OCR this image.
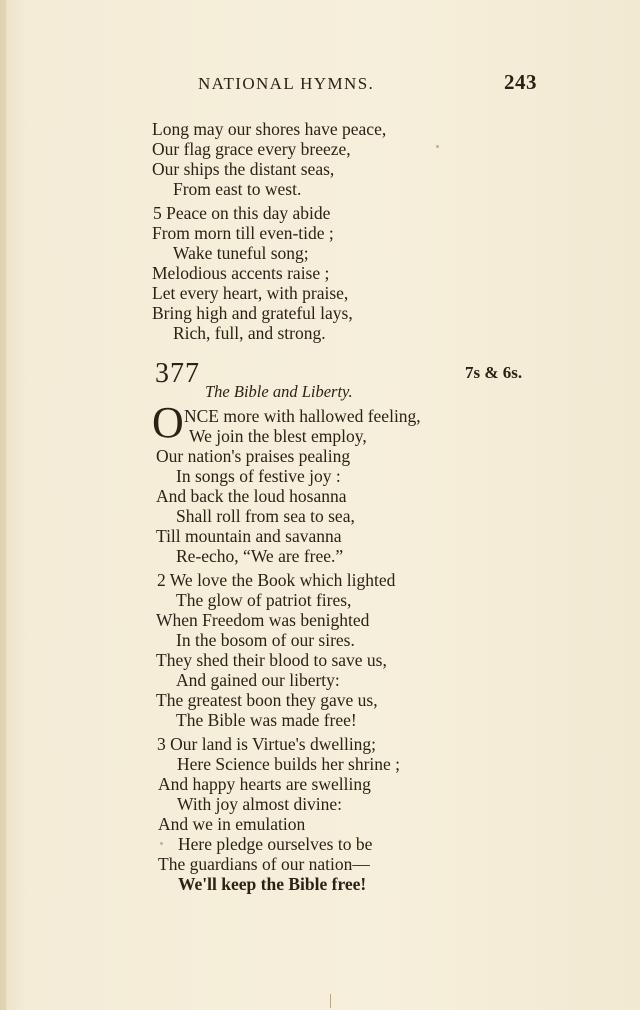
NATIONAL HYMNS.	243
Long may our shores have peace,
Our flag grace every breeze,
Our ships the distant seas,
From east to west.
5 Peace on this day abide
From morn till even-tide ;
Wake tuneful song;
Melodious accents raise ;
Let every heart, with praise,
Bring high and grateful lays,
Rich, full, and strong.
377	7s & 6s.
The Bible and Liberty.
O NCE more with hallowed feeling,
We join the blest employ,
Our nation's praises pealing
In songs of festive joy :
And back the loud hosanna
Shall roll from sea to sea,
Till mountain and savanna
Re-echo, “We are free.”
2 We love the Book which lighted
The glow of patriot fires,
When Freedom was benighted
In the bosom of our sires.
They shed their blood to save us,
And gained our liberty:
The greatest boon they gave us,
The Bible was made free!
3 Our land is Virtue's dwelling;
Here Science builds her shrine ;
And happy hearts are swelling
With joy almost divine:
And we in emulation
Here pledge ourselves to be
The guardians of our nation—
We'll keep the Bible free!
